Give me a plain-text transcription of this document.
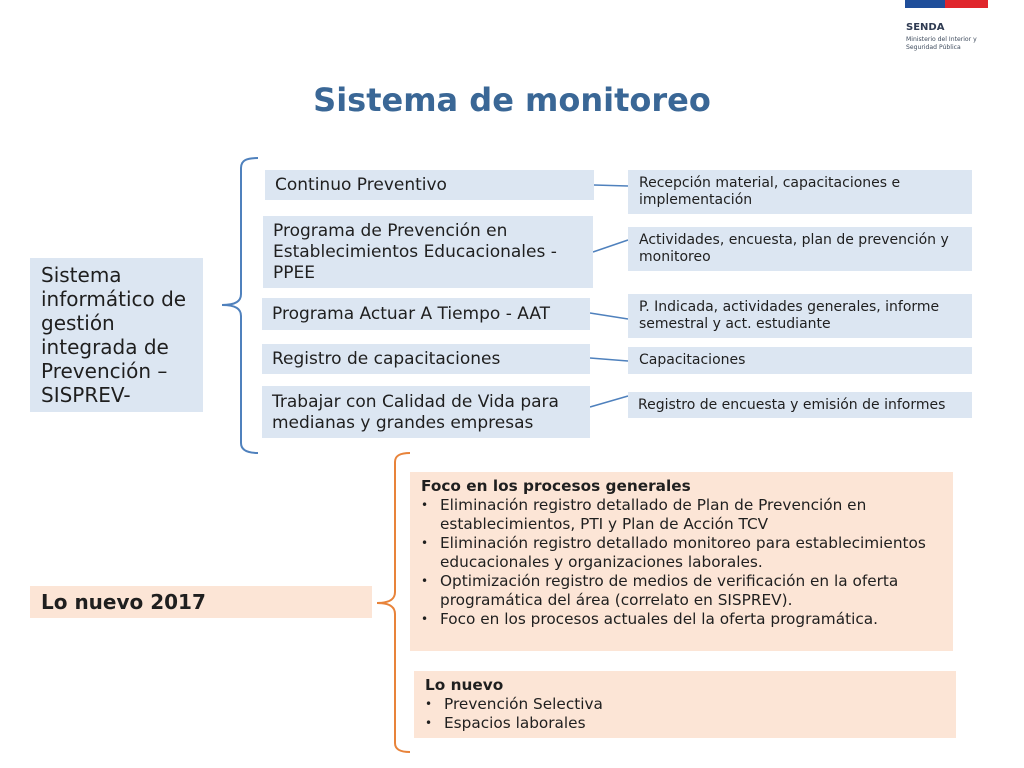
SENDA
Ministerio del Interior y
Seguridad Pública
Sistema de monitoreo
Sistema informático de gestión integrada de Prevención – SISPREV-
Continuo Preventivo
Programa de Prevención en Establecimientos Educacionales - PPEE
Programa Actuar A Tiempo - AAT
Registro de capacitaciones
Trabajar con Calidad de Vida para medianas y grandes empresas
Recepción material, capacitaciones e implementación
Actividades, encuesta, plan de prevención y monitoreo
P. Indicada, actividades generales, informe semestral y act. estudiante
Capacitaciones
Registro de encuesta y emisión de informes
Lo nuevo 2017
Foco en los procesos generales
• Eliminación registro detallado de Plan de Prevención en establecimientos, PTI y Plan de Acción TCV
• Eliminación registro detallado monitoreo para establecimientos educacionales y organizaciones laborales.
• Optimización registro de medios de verificación en la oferta programática del área (correlato en SISPREV).
• Foco en los procesos actuales del la oferta programática.
Lo nuevo
• Prevención Selectiva
• Espacios laborales
